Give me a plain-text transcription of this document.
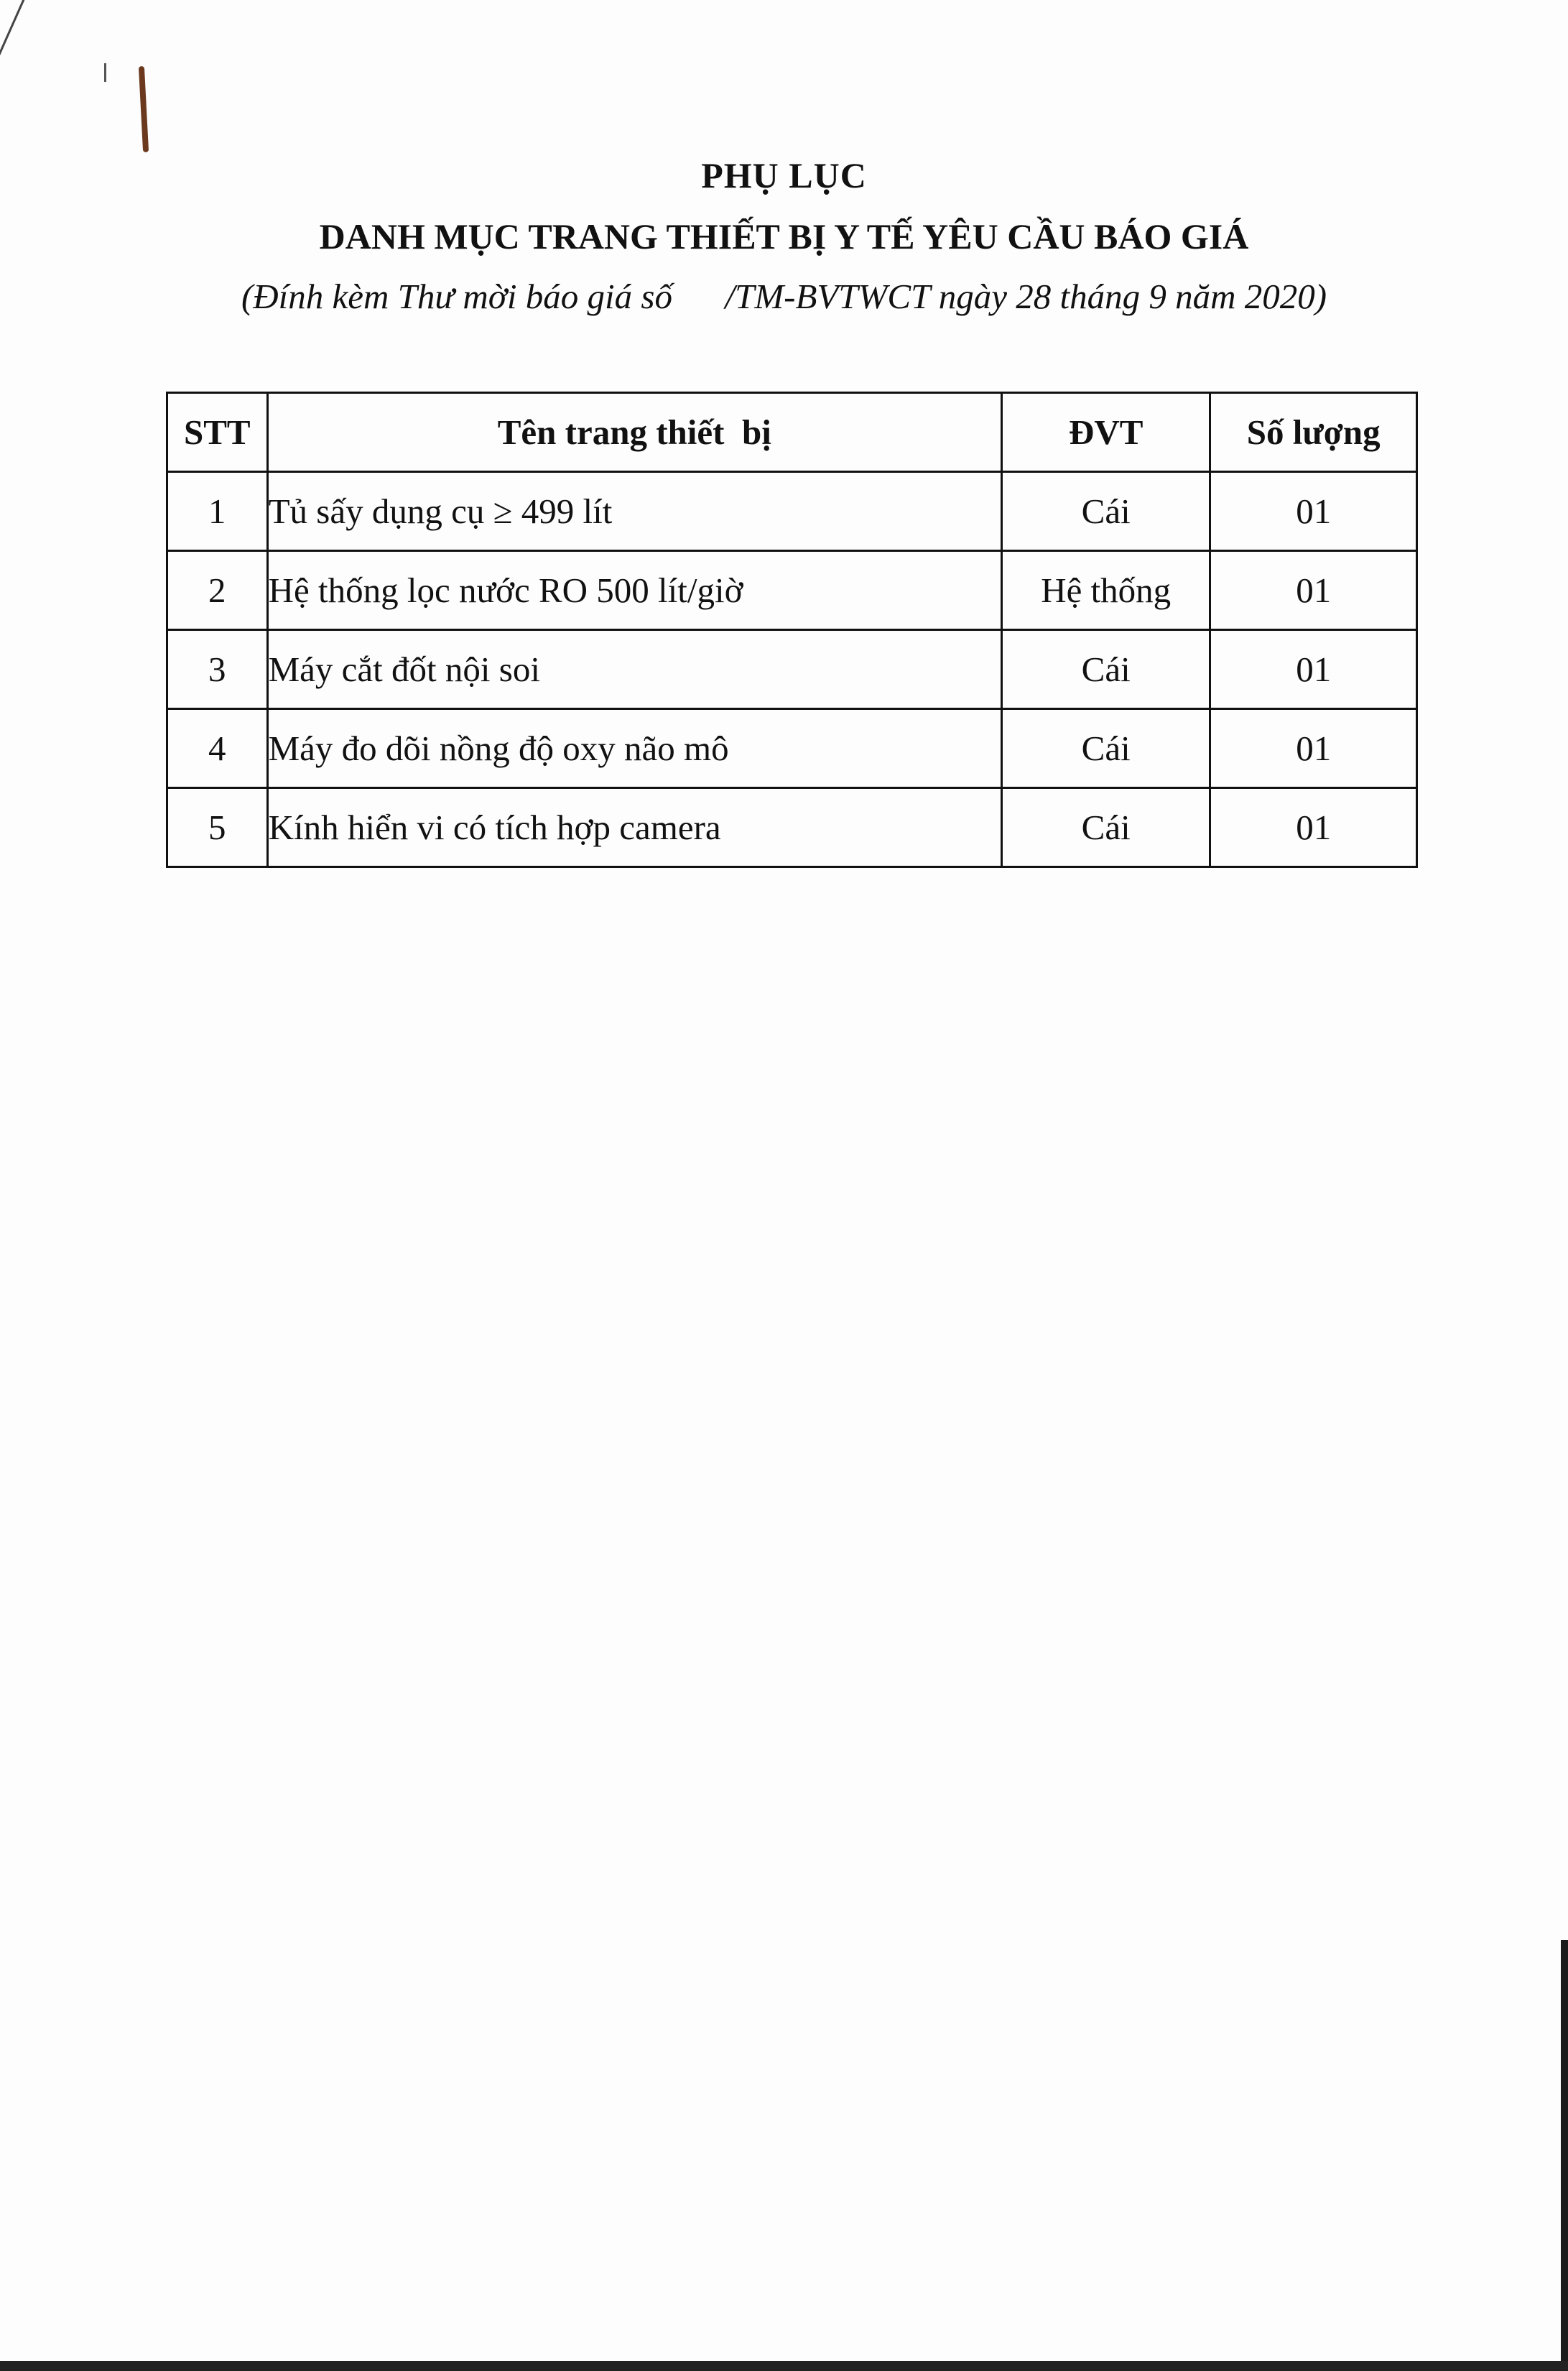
PHỤ LỤC
DANH MỤC TRANG THIẾT BỊ Y TẾ YÊU CẦU BÁO GIÁ
(Đính kèm Thư mời báo giá số      /TM-BVTWCT ngày 28 tháng 9 năm 2020)
STT	Tên trang thiết  bị	ĐVT	Số lượng
1	Tủ sấy dụng cụ ≥ 499 lít	Cái	01
2	Hệ thống lọc nước RO 500 lít/giờ	Hệ thống	01
3	Máy cắt đốt nội soi	Cái	01
4	Máy đo dõi nồng độ oxy não mô	Cái	01
5	Kính hiển vi có tích hợp camera	Cái	01
